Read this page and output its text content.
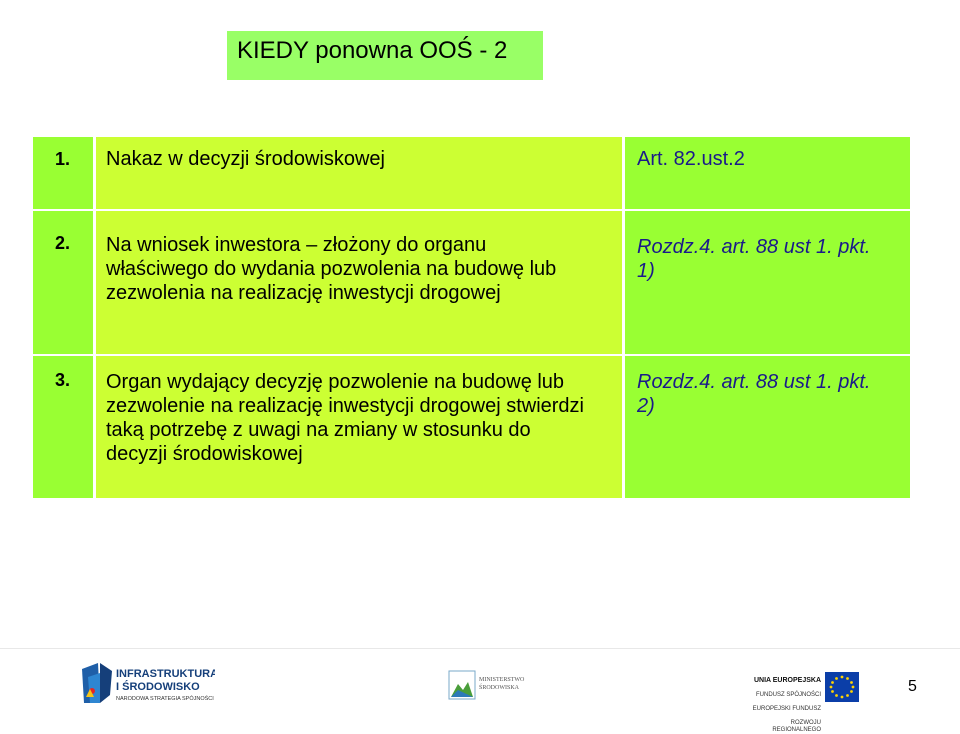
KIEDY ponowna OOŚ - 2
1. Nakaz w decyzji środowiskowej	Art. 82.ust.2
2. Na wniosek inwestora – złożony do organu
właściwego do wydania pozwolenia na budowę lub
zezwolenia na realizację inwestycji drogowej
Rozdz.4. art. 88 ust 1. pkt.
1)
3. Organ wydający decyzję pozwolenie na budowę lub
zezwolenie na realizację inwestycji drogowej stwierdzi
taką potrzebę z uwagi na zmiany w stosunku do
decyzji środowiskowej
Rozdz.4. art. 88 ust 1. pkt.
2)
INFRASTRUKTURA
I ŚRODOWISKO
NARODOWA STRATEGIA SPÓJNOŚCI
MINISTERSTWO
ŚRODOWISKA

UNIA EUROPEJSKA

FUNDUSZ SPÓJNOŚCI

EUROPEJSKI FUNDUSZ

ROZWOJU REGIONALNEGO

5
